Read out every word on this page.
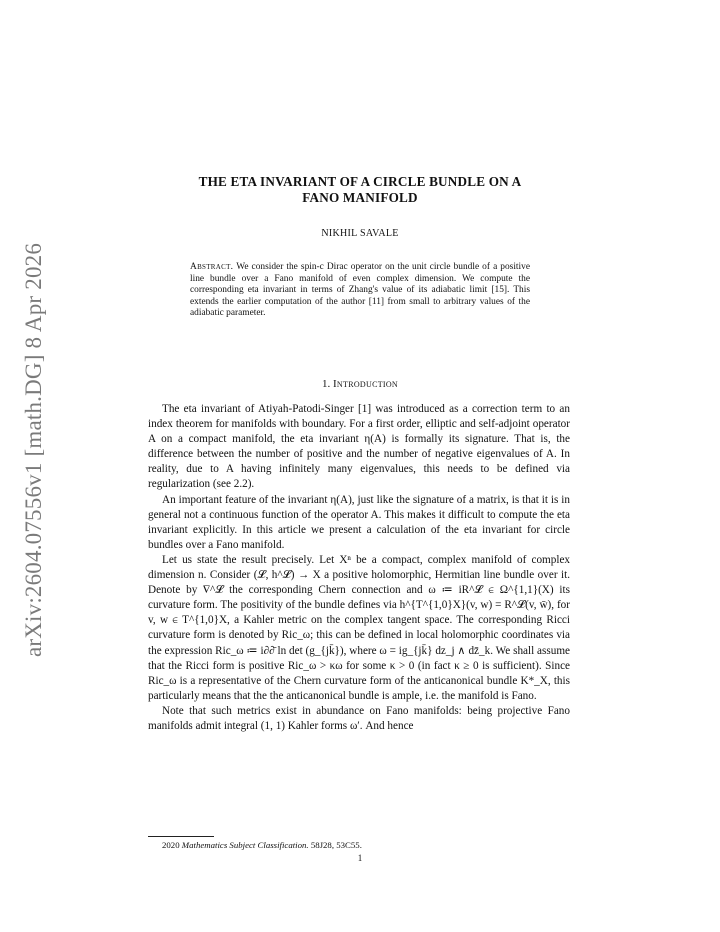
arXiv:2604.07556v1 [math.DG] 8 Apr 2026
THE ETA INVARIANT OF A CIRCLE BUNDLE ON A
FANO MANIFOLD
NIKHIL SAVALE
Abstract. We consider the spin-c Dirac operator on the unit circle bundle of a positive line bundle over a Fano manifold of even complex dimension. We compute the corresponding eta invariant in terms of Zhang's value of its adiabatic limit [15]. This extends the earlier computation of the author [11] from small to arbitrary values of the adiabatic parameter.
1. Introduction

The eta invariant of Atiyah-Patodi-Singer [1] was introduced as a correction term to an index theorem for manifolds with boundary. For a first order, elliptic and self-adjoint operator A on a compact manifold, the eta invariant η(A) is formally its signature. That is, the difference between the number of positive and the number of negative eigenvalues of A. In reality, due to A having infinitely many eigenvalues, this needs to be defined via regularization (see 2.2).

An important feature of the invariant η(A), just like the signature of a matrix, is that it is in general not a continuous function of the operator A. This makes it difficult to compute the eta invariant explicitly. In this article we present a calculation of the eta invariant for circle bundles over a Fano manifold.

Let us state the result precisely. Let Xⁿ be a compact, complex manifold of complex dimension n. Consider (𝓛, h^𝓛) → X a positive holomorphic, Hermitian line bundle over it. Denote by ∇^𝓛 the corresponding Chern connection and ω ≔ iR^𝓛 ∈ Ω^{1,1}(X) its curvature form. The positivity of the bundle defines via h^{T^{1,0}X}(v, w) = R^𝓛(v, w̄), for v, w ∈ T^{1,0}X, a Kahler metric on the complex tangent space. The corresponding Ricci curvature form is denoted by Ric_ω; this can be defined in local holomorphic coordinates via the expression Ric_ω ≔ i∂∂̄ ln det (g_{jk̄}), where ω = ig_{jk̄} dz_j ∧ dz̄_k. We shall assume that the Ricci form is positive Ric_ω > κω for some κ > 0 (in fact κ ≥ 0 is sufficient). Since Ric_ω is a representative of the Chern curvature form of the anticanonical bundle K*_X, this particularly means that the the anticanonical bundle is ample, i.e. the manifold is Fano.

Note that such metrics exist in abundance on Fano manifolds: being projective Fano manifolds admit integral (1, 1) Kahler forms ω′. And hence

2020 Mathematics Subject Classification. 58J28, 53C55.
1
